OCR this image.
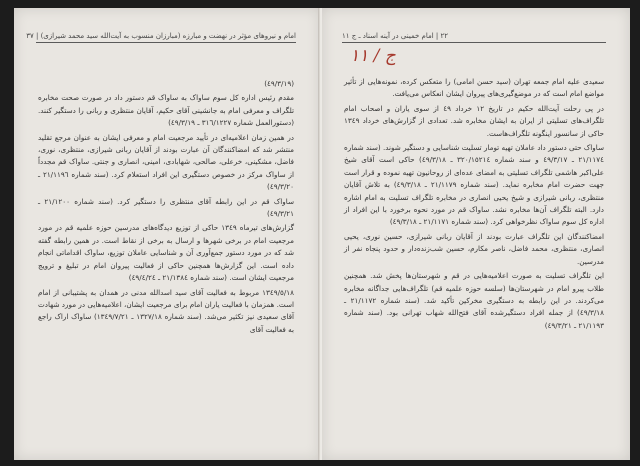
امام و نیروهای مؤثر در نهضت و مبارزه (مبارزان منسوب به آیت‌الله سید محمد شیرازی) | ٣٧

(٤٩/٣/١٩)

مقدم رئیس اداره کل سوم ساواک به ساواک قم دستور داد در صورت صحت مخابره تلگراف و معرفی امام به جانشینی آقای حکیم، آقایان منتظری و ربانی را دستگیر کنند. (دستورالعمل شماره ٣١٦/١٢٢٧ ـ ٤٩/٣/١٩)

در همین زمان اعلامیه‌ای در تأیید مرجعیت امام و معرفی ایشان به عنوان مرجع تقلید منتشر شد که امضاکنندگان آن عبارت بودند از آقایان ربانی شیرازی، منتظری، نوری، فاضل، مشکینی، خرعلی، صالحی، شهابادی، امینی، انصاری و جنتی. ساواک قم مجدداً از ساواک مرکز در خصوص دستگیری این افراد استعلام کرد. (سند شماره ٢١/١١٩٦ ـ ٤٩/٣/٢٠)

ساواک قم در این رابطه آقای منتظری را دستگیر کرد. (سند شماره ٢١/١٢٠٠ ـ ٤٩/٣/٢١)

گزارش‌های تیرماه ١٣٤٩ حاکی از توزیع دیدگاه‌های مدرسین حوزه علمیه قم در مورد مرجعیت امام در برخی شهرها و ارسال به برخی از نقاط است. در همین رابطه گفته شد که در مورد دستور جمع‌آوری آن و شناسایی عاملان توزیع، ساواک اقداماتی انجام داده است. این گزارش‌ها همچنین حاکی از فعالیت پیروان امام در تبلیغ و ترویج مرجعیت ایشان است. (سند شماره ٢١/١٣٨٤ ـ ٤٩/٤/٢٤)

١٣٤٩/٥/١٨ مربوط به فعالیت آقای سید اسدالله مدنی در همدان به پشتیبانی از امام است. همزمان با فعالیت یاران امام برای مرجعیت ایشان، اعلامیه‌هایی در مورد شهادت آقای سعیدی نیز تکثیر می‌شد. (سند شماره ١٣٢٧/١٨ ـ ١٣٤٩/٧/٢١) ساواک اراک راجع به فعالیت آقای

٢٢ | امام خمینی در آینه اسناد ـ ج ١١
ج / ١١

سعیدی علیه امام جمعه تهران (سید حسن امامی) را متعکس کرده، نمونه‌هایی از تأثیر مواضع امام است که در موضع‌گیری‌های پیروان ایشان انعکاس می‌یافت.

در پی رحلت آیت‌الله حکیم در تاریخ ١٢ خرداد ٤٩ از سوی یاران و اصحاب امام تلگراف‌های تسلیتی از ایران به ایشان مخابره شد. تعدادی از گزارش‌های خرداد ١٣٤٩ حاکی از سانسور اینگونه تلگراف‌هاست.

ساواک حتی دستور داد عاملان تهیه تومار تسلیت شناسایی و دستگیر شوند. (سند شماره ٢١/١١٧٤ ـ ٤٩/٣/١٧ و سند شماره ٣٢٠/١٥٢١٤ ـ ٤٩/٣/١٨) حاکی است آقای شیخ علی‌اکبر هاشمی تلگراف تسلیتی به امضای عده‌ای از روحانیون تهیه نموده و قرار است جهت حضرت امام مخابره نماید. (سند شماره ٢١/١١٧٩ ـ ٤٩/٣/١٨) به تلاش آقایان منتظری، ربانی شیرازی و شیخ یحیی انصاری در مخابره تلگراف تسلیت به امام اشاره دارد. البته تلگراف آن‌ها مخابره نشد. ساواک قم در مورد نحوه برخورد با این افراد از اداره کل سوم ساواک نظرخواهی کرد. (سند شماره ٢١/١١٧١ ـ ٤٩/٣/١٨)

امضاکنندگان این تلگراف عبارت بودند از آقایان ربانی شیرازی، حسین نوری، یحیی انصاری، منتظری، محمد فاضل، ناصر مکارم، حسین شب‌زنده‌دار و حدود پنجاه نفر از مدرسین.

این تلگراف تسلیت به صورت اعلامیه‌هایی در قم و شهرستان‌ها پخش شد. همچنین طلاب پیرو امام در شهرستان‌ها (سلسه حوزه علمیه قم) تلگراف‌هایی جداگانه مخابره می‌کردند. در این رابطه به دستگیری مخرکین تأکید شد. (سند شماره ٢١/١١٧٢ ـ ٤٩/٣/١٨) از جمله افراد دستگیرشده آقای فتح‌الله شهاب تهرانی بود. (سند شماره ٢١/١١٩٣ ـ ٤٩/٣/٢١)
